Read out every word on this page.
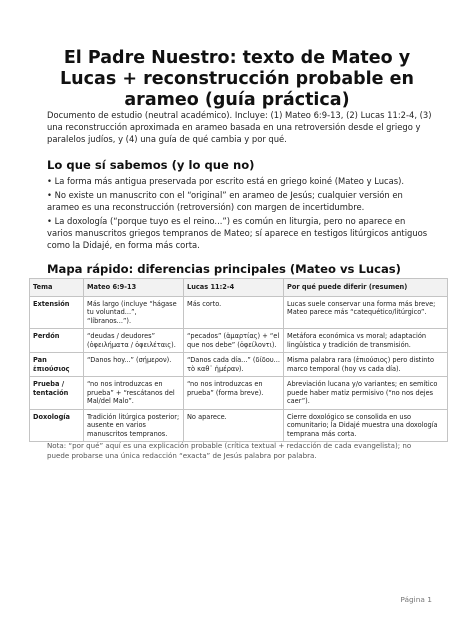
El Padre Nuestro: texto de Mateo y Lucas + reconstrucción probable en arameo (guía práctica)
Documento de estudio (neutral académico). Incluye: (1) Mateo 6:9-13, (2) Lucas 11:2-4, (3) una reconstrucción aproximada en arameo basada en una retroversión desde el griego y paralelos judíos, y (4) una guía de qué cambia y por qué.
Lo que sí sabemos (y lo que no)
• La forma más antigua preservada por escrito está en griego koiné (Mateo y Lucas).
• No existe un manuscrito con el “original” en arameo de Jesús; cualquier versión en arameo es una reconstrucción (retroversión) con margen de incertidumbre.
• La doxología (“porque tuyo es el reino...”) es común en liturgia, pero no aparece en varios manuscritos griegos tempranos de Mateo; sí aparece en testigos litúrgicos antiguos como la Didajé, en forma más corta.
Mapa rápido: diferencias principales (Mateo vs Lucas)
Tema	Mateo 6:9-13	Lucas 11:2-4	Por qué puede diferir (resumen)
Extensión	Más largo (incluye “hágase tu voluntad...”, “líbranos...”).	Más corto.	Lucas suele conservar una forma más breve; Mateo parece más “catequético/litúrgico”.
Perdón	“deudas / deudores” (ὀφειλήματα / ὀφειλέταις).	“pecados” (ἁμαρτίας) + “el que nos debe” (ὀφείλοντι).	Metáfora económica vs moral; adaptación lingüística y tradición de transmisión.
Pan ἐπιούσιος	“Danos hoy...” (σήμερον).	“Danos cada día...” (δίδου... τὸ καθ᾽ ἡμέραν).	Misma palabra rara (ἐπιούσιος) pero distinto marco temporal (hoy vs cada día).
Prueba / tentación	“no nos introduzcas en prueba” + “rescátanos del Mal/del Malo”.	“no nos introduzcas en prueba” (forma breve).	Abreviación lucana y/o variantes; en semítico puede haber matiz permisivo (“no nos dejes caer”).
Doxología	Tradición litúrgica posterior; ausente en varios manuscritos tempranos.	No aparece.	Cierre doxológico se consolida en uso comunitario; la Didajé muestra una doxología temprana más corta.
Nota: “por qué” aquí es una explicación probable (crítica textual + redacción de cada evangelista); no puede probarse una única redacción “exacta” de Jesús palabra por palabra.
Página 1
